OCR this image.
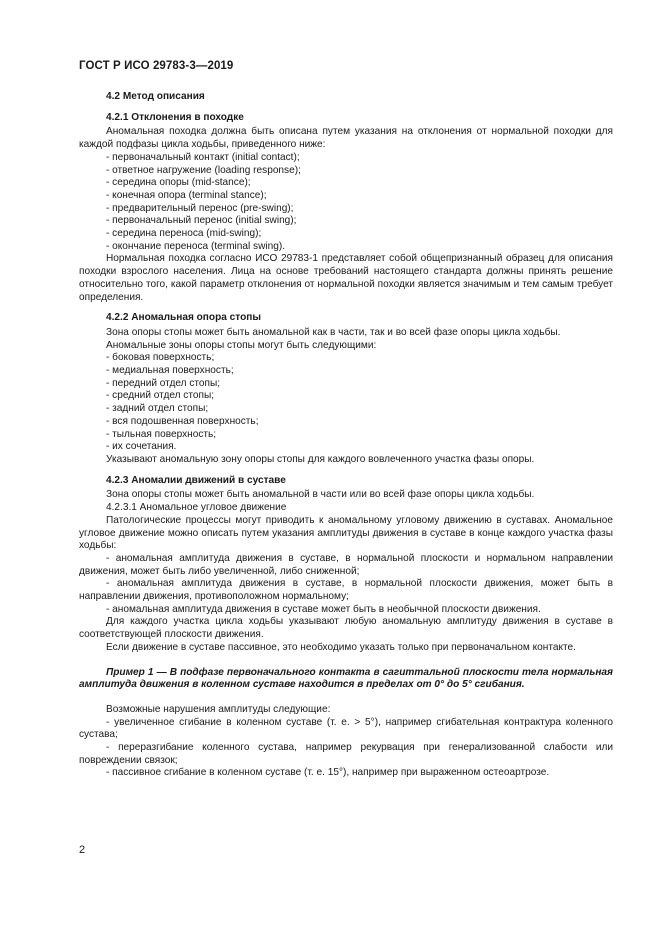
ГОСТ Р ИСО 29783-3—2019
4.2 Метод описания
4.2.1 Отклонения в походке
Аномальная походка должна быть описана путем указания на отклонения от нормальной походки для каждой подфазы цикла ходьбы, приведенного ниже:
- первоначальный контакт (initial contact);
- ответное нагружение (loading response);
- середина опоры (mid-stance);
- конечная опора (terminal stance);
- предварительный перенос (pre-swing);
- первоначальный перенос (initial swing);
- середина переноса (mid-swing);
- окончание переноса (terminal swing).
Нормальная походка согласно ИСО 29783-1 представляет собой общепризнанный образец для описания походки взрослого населения. Лица на основе требований настоящего стандарта должны принять решение относительно того, какой параметр отклонения от нормальной походки является значимым и тем самым требует определения.
4.2.2 Аномальная опора стопы
Зона опоры стопы может быть аномальной как в части, так и во всей фазе опоры цикла ходьбы.
Аномальные зоны опоры стопы могут быть следующими:
- боковая поверхность;
- медиальная поверхность;
- передний отдел стопы;
- средний отдел стопы;
- задний отдел стопы;
- вся подошвенная поверхность;
- тыльная поверхность;
- их сочетания.
Указывают аномальную зону опоры стопы для каждого вовлеченного участка фазы опоры.
4.2.3 Аномалии движений в суставе
Зона опоры стопы может быть аномальной в части или во всей фазе опоры цикла ходьбы.
4.2.3.1 Аномальное угловое движение
Патологические процессы могут приводить к аномальному угловому движению в суставах. Аномальное угловое движение можно описать путем указания амплитуды движения в суставе в конце каждого участка фазы ходьбы:
- аномальная амплитуда движения в суставе, в нормальной плоскости и нормальном направлении движения, может быть либо увеличенной, либо сниженной;
- аномальная амплитуда движения в суставе, в нормальной плоскости движения, может быть в направлении движения, противоположном нормальному;
- аномальная амплитуда движения в суставе может быть в необычной плоскости движения.
Для каждого участка цикла ходьбы указывают любую аномальную амплитуду движения в суставе в соответствующей плоскости движения.
Если движение в суставе пассивное, это необходимо указать только при первоначальном контакте.
Пример 1 — В подфазе первоначального контакта в сагиттальной плоскости тела нормальная амплитуда движения в коленном суставе находится в пределах от 0° до 5° сгибания.
Возможные нарушения амплитуды следующие:
- увеличенное сгибание в коленном суставе (т. е. > 5°), например сгибательная контрактура коленного сустава;
- переразгибание коленного сустава, например рекурвация при генерализованной слабости или повреждении связок;
- пассивное сгибание в коленном суставе (т. е. 15°), например при выраженном остеоартрозе.
2
